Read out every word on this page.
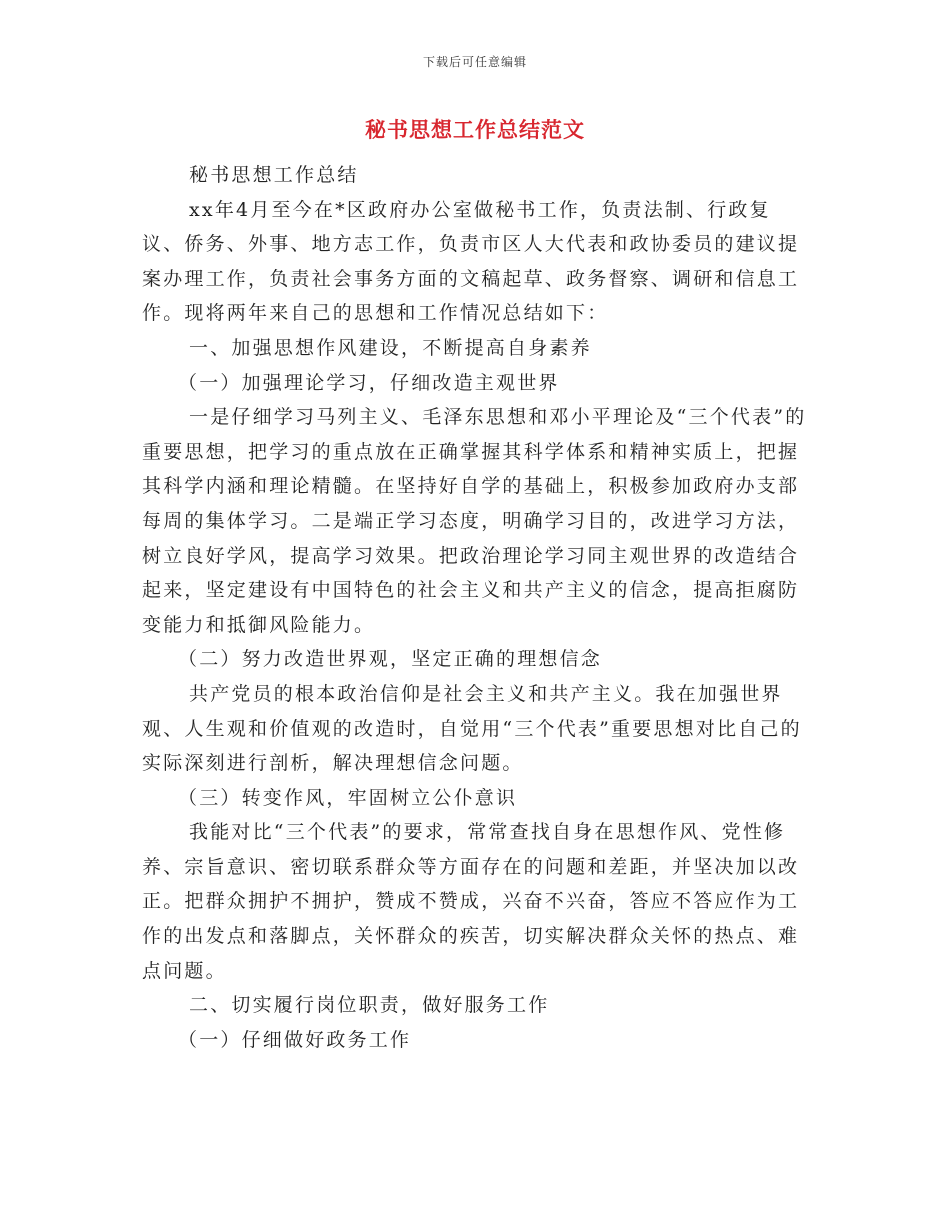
下载后可任意编辑
秘书思想工作总结范文

秘书思想工作总结

xx年4月至今在*区政府办公室做秘书工作，负责法制、行政复议、侨务、外事、地方志工作，负责市区人大代表和政协委员的建议提案办理工作，负责社会事务方面的文稿起草、政务督察、调研和信息工作。现将两年来自己的思想和工作情况总结如下：

一、加强思想作风建设，不断提高自身素养

（一）加强理论学习，仔细改造主观世界

一是仔细学习马列主义、毛泽东思想和邓小平理论及“三个代表”的重要思想，把学习的重点放在正确掌握其科学体系和精神实质上，把握其科学内涵和理论精髓。在坚持好自学的基础上，积极参加政府办支部每周的集体学习。二是端正学习态度，明确学习目的，改进学习方法，树立良好学风，提高学习效果。把政治理论学习同主观世界的改造结合起来，坚定建设有中国特色的社会主义和共产主义的信念，提高拒腐防变能力和抵御风险能力。

（二）努力改造世界观，坚定正确的理想信念

共产党员的根本政治信仰是社会主义和共产主义。我在加强世界观、人生观和价值观的改造时，自觉用“三个代表”重要思想对比自己的实际深刻进行剖析，解决理想信念问题。

（三）转变作风，牢固树立公仆意识

我能对比“三个代表”的要求，常常查找自身在思想作风、党性修养、宗旨意识、密切联系群众等方面存在的问题和差距，并坚决加以改正。把群众拥护不拥护，赞成不赞成，兴奋不兴奋，答应不答应作为工作的出发点和落脚点，关怀群众的疾苦，切实解决群众关怀的热点、难点问题。

二、切实履行岗位职责，做好服务工作

（一）仔细做好政务工作
